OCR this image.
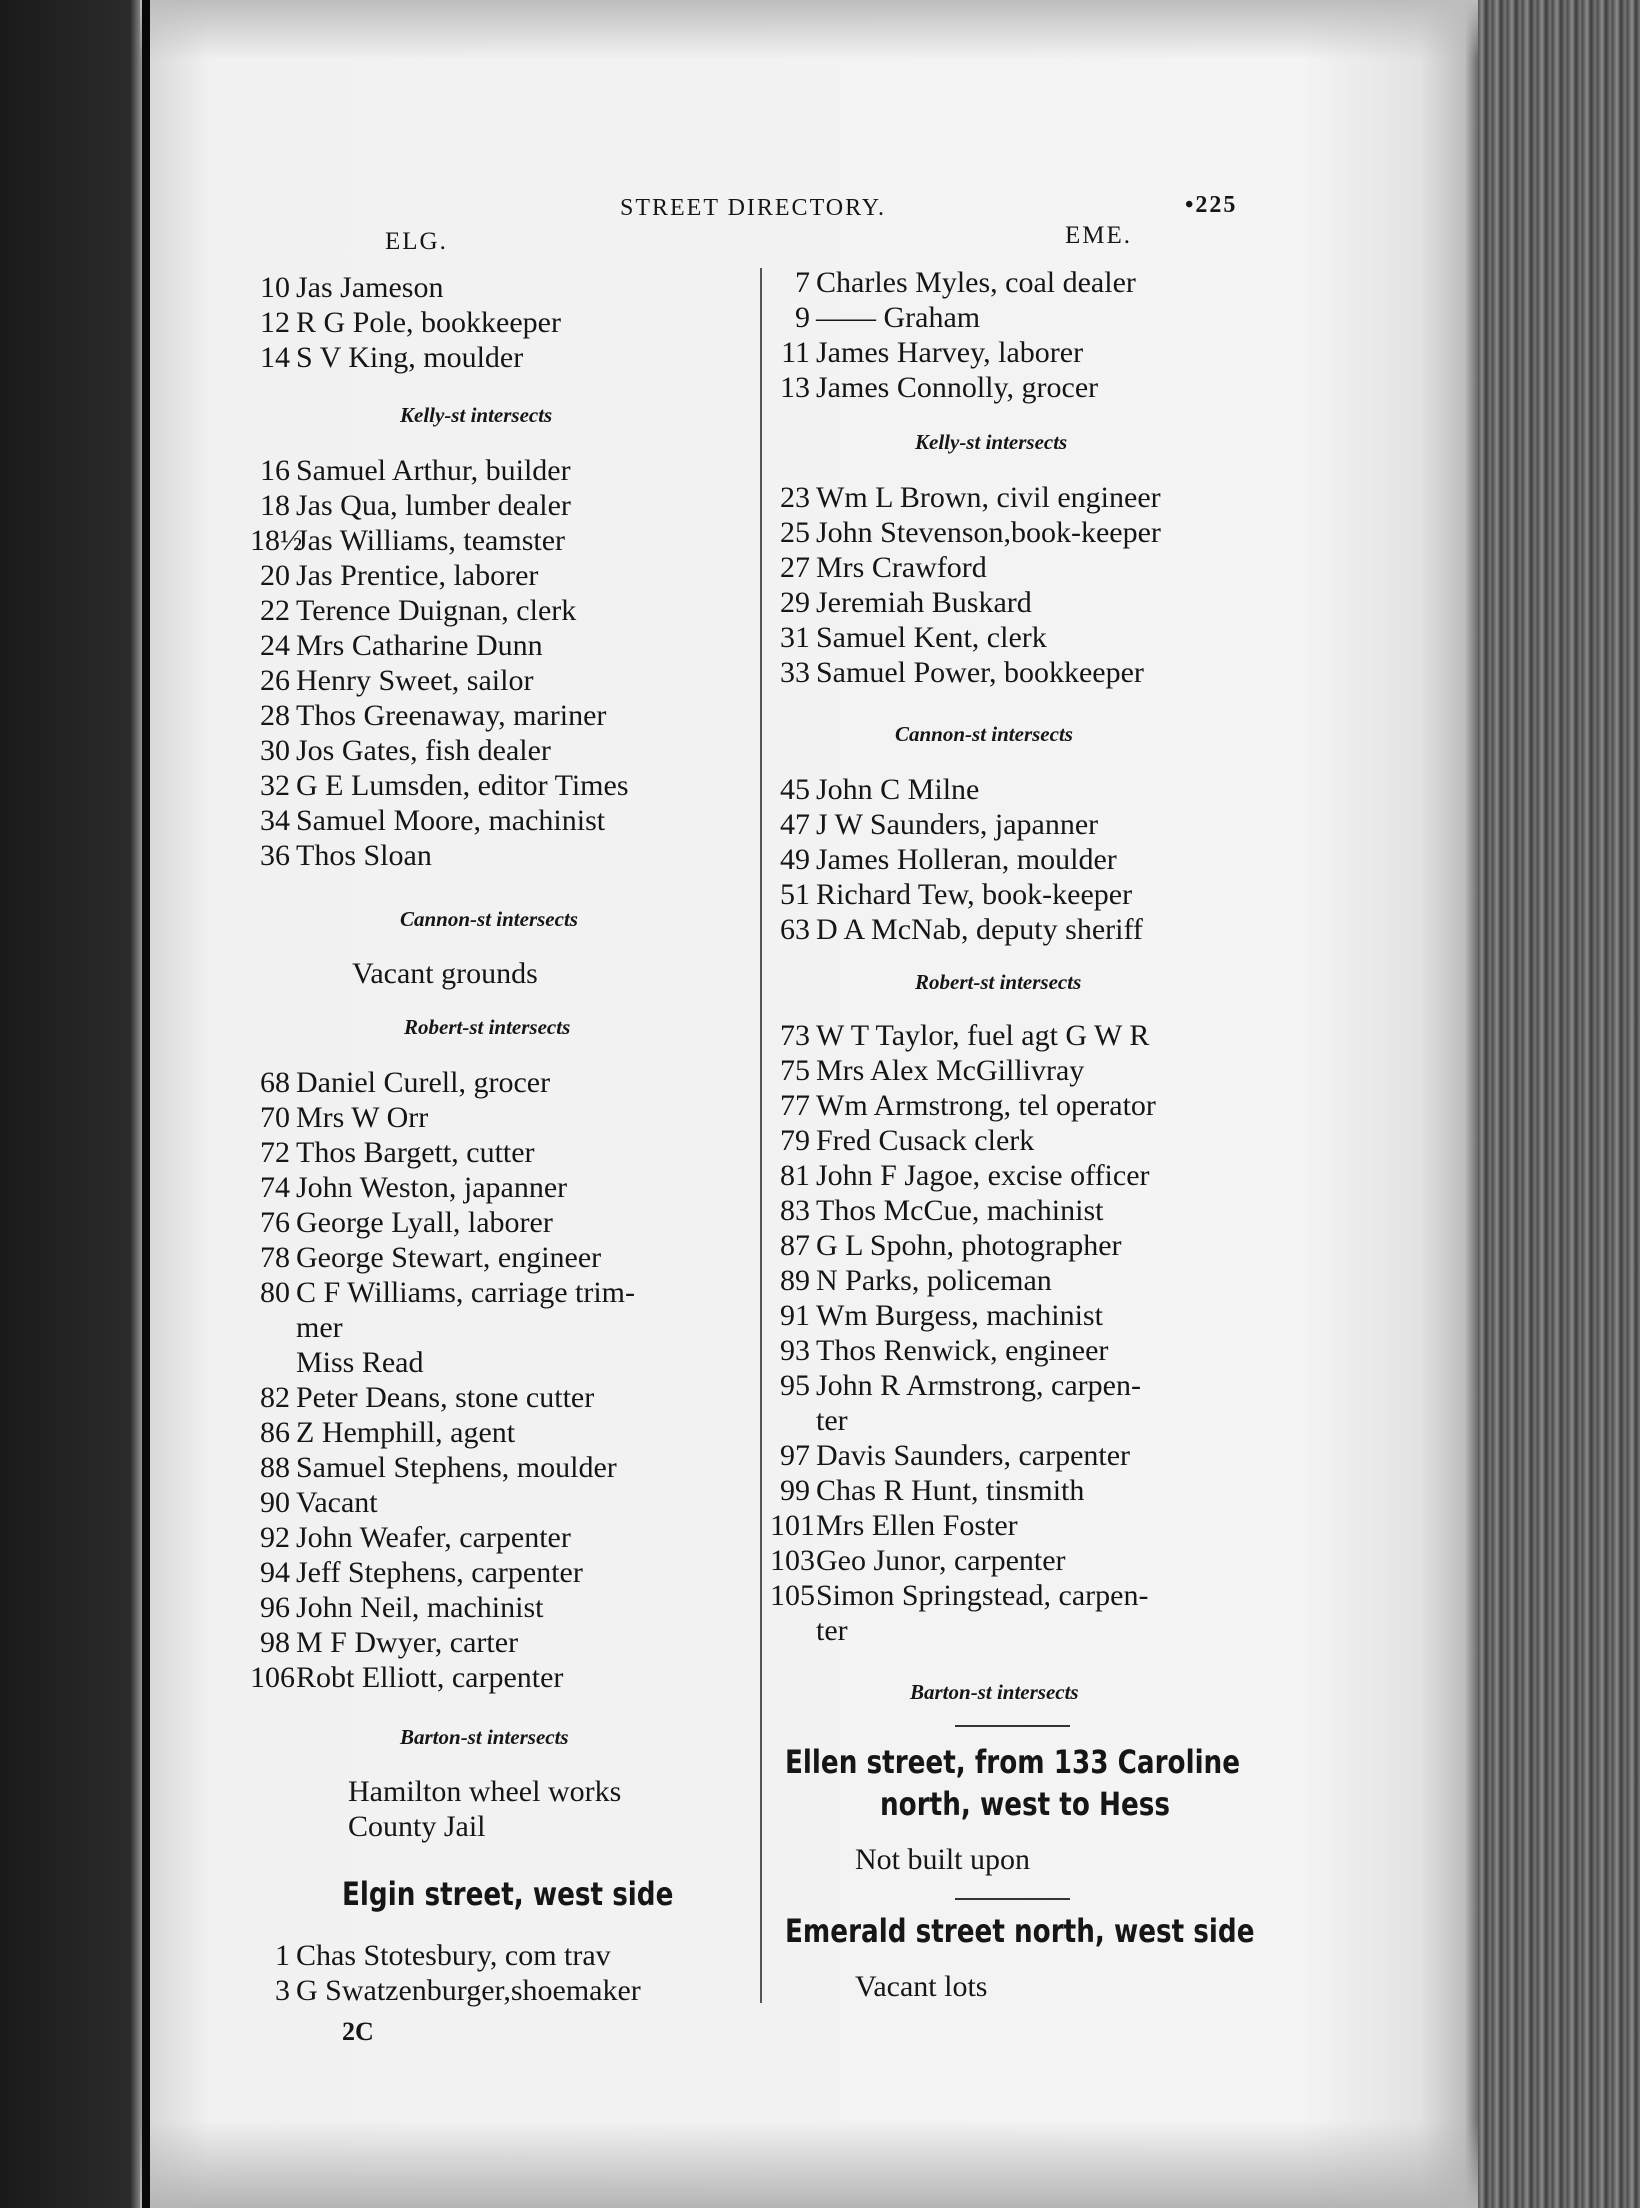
STREET DIRECTORY.	•225
ELG.	EME.
10 Jas Jameson
12 R G Pole, bookkeeper
14 S V King, moulder
Kelly-st intersects
16 Samuel Arthur, builder
18 Jas Qua, lumber dealer
18½Jas Williams, teamster
20 Jas Prentice, laborer
22 Terence Duignan, clerk
24 Mrs Catharine Dunn
26 Henry Sweet, sailor
28 Thos Greenaway, mariner
30 Jos Gates, fish dealer
32 G E Lumsden, editor Times
34 Samuel Moore, machinist
36 Thos Sloan
Cannon-st intersects
Vacant grounds
Robert-st intersects
68 Daniel Curell, grocer
70 Mrs W Orr
72 Thos Bargett, cutter
74 John Weston, japanner
76 George Lyall, laborer
78 George Stewart, engineer
80 C F Williams, carriage trim-
mer
Miss Read
82 Peter Deans, stone cutter
86 Z Hemphill, agent
88 Samuel Stephens, moulder
90 Vacant
92 John Weafer, carpenter
94 Jeff Stephens, carpenter
96 John Neil, machinist
98 M F Dwyer, carter
106Robt Elliott, carpenter
Barton-st intersects
Hamilton wheel works
County Jail
Elgin street, west side
1 Chas Stotesbury, com trav
3 G Swatzenburger,shoemaker
2C
7 Charles Myles, coal dealer
9 —— Graham
11 James Harvey, laborer
13 James Connolly, grocer
Kelly-st intersects
23 Wm L Brown, civil engineer
25 John Stevenson,book-keeper
27 Mrs Crawford
29 Jeremiah Buskard
31 Samuel Kent, clerk
33 Samuel Power, bookkeeper
Cannon-st intersects
45 John C Milne
47 J W Saunders, japanner
49 James Holleran, moulder
51 Richard Tew, book-keeper
63 D A McNab, deputy sheriff
Robert-st intersects
73 W T Taylor, fuel agt G W R
75 Mrs Alex McGillivray
77 Wm Armstrong, tel operator
79 Fred Cusack clerk
81 John F Jagoe, excise officer
83 Thos McCue, machinist
87 G L Spohn, photographer
89 N Parks, policeman
91 Wm Burgess, machinist
93 Thos Renwick, engineer
95 John R Armstrong, carpen-
ter
97 Davis Saunders, carpenter
99 Chas R Hunt, tinsmith
101Mrs Ellen Foster
103Geo Junor, carpenter
105Simon Springstead, carpen-
ter
Barton-st intersects
Ellen street, from 133 Caroline
north, west to Hess
Not built upon
Emerald street north, west side
Vacant lots
